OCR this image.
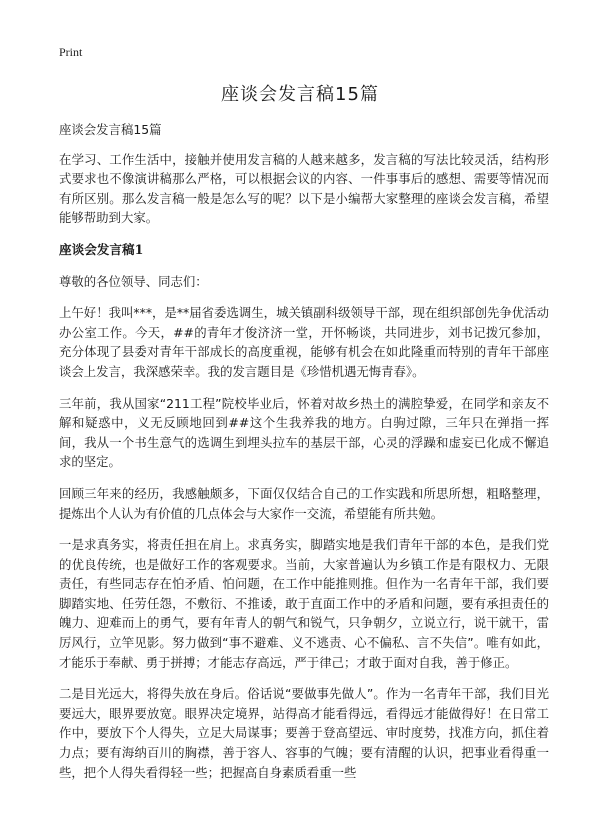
Print
座谈会发言稿15篇

座谈会发言稿15篇

在学习、工作生活中，接触并使用发言稿的人越来越多，发言稿的写法比较灵活，结构形式要求也不像演讲稿那么严格，可以根据会议的内容、一件事事后的感想、需要等情况而有所区别。那么发言稿一般是怎么写的呢？以下是小编帮大家整理的座谈会发言稿，希望能够帮助到大家。

座谈会发言稿1

尊敬的各位领导、同志们：

上午好！我叫***，是**届省委选调生，城关镇副科级领导干部，现在组织部创先争优活动办公室工作。今天，##的青年才俊济济一堂，开怀畅谈，共同进步，刘书记拨冗参加，充分体现了县委对青年干部成长的高度重视，能够有机会在如此隆重而特别的青年干部座谈会上发言，我深感荣幸。我的发言题目是《珍惜机遇无悔青春》。

三年前，我从国家“211工程”院校毕业后，怀着对故乡热土的满腔挚爱，在同学和亲友不解和疑惑中，义无反顾地回到##这个生我养我的地方。白驹过隙，三年只在弹指一挥间，我从一个书生意气的选调生到埋头拉车的基层干部，心灵的浮躁和虚妄已化成不懈追求的坚定。

回顾三年来的经历，我感触颇多，下面仅仅结合自己的工作实践和所思所想，粗略整理，提炼出个人认为有价值的几点体会与大家作一交流，希望能有所共勉。

一是求真务实，将责任担在肩上。求真务实，脚踏实地是我们青年干部的本色，是我们党的优良传统，也是做好工作的客观要求。当前，大家普遍认为乡镇工作是有限权力、无限责任，有些同志存在怕矛盾、怕问题，在工作中能推则推。但作为一名青年干部，我们要脚踏实地、任劳任怨，不敷衍、不推诿，敢于直面工作中的矛盾和问题，要有承担责任的魄力、迎难而上的勇气，要有年青人的朝气和锐气，只争朝夕，立说立行，说干就干，雷厉风行，立竿见影。努力做到“事不避难、义不逃责、心不偏私、言不失信”。唯有如此，才能乐于奉献、勇于拼搏；才能志存高远，严于律己；才敢于面对自我，善于修正。

二是目光远大，将得失放在身后。俗话说“要做事先做人”。作为一名青年干部，我们目光要远大，眼界要放宽。眼界决定境界，站得高才能看得远，看得远才能做得好！在日常工作中，要放下个人得失，立足大局谋事；要善于登高望远、审时度势，找准方向，抓住着力点；要有海纳百川的胸襟，善于容人、容事的气魄；要有清醒的认识，把事业看得重一些，把个人得失看得轻一些；把握高自身素质看重一些
